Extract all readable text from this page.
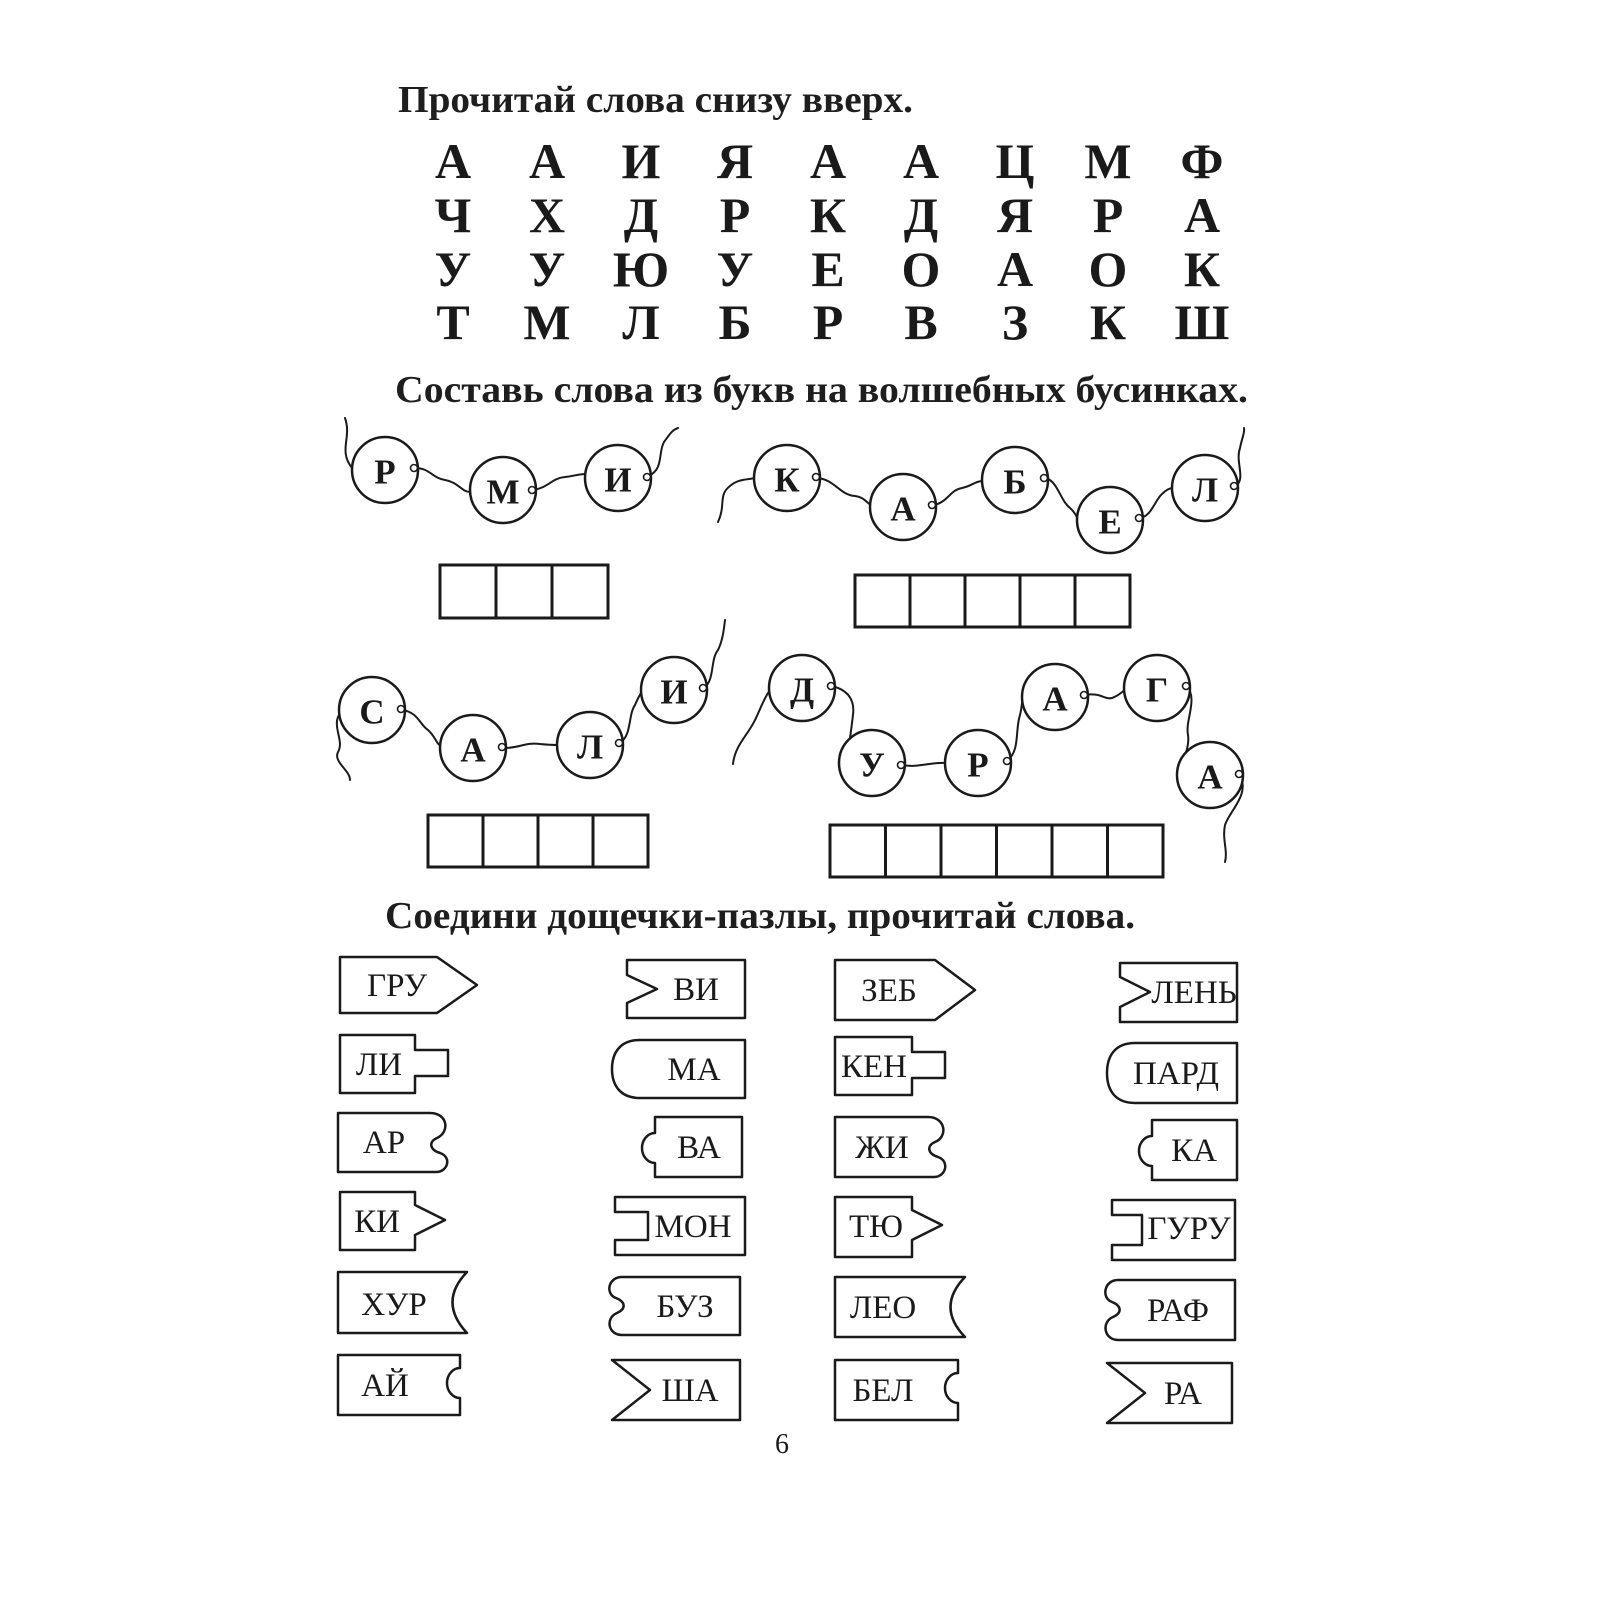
Прочитай слова снизу вверх.
А А И Я А А Ц М Ф
Ч Х Д Р К Д Я Р А
У У Ю У Е О А О К
Т М Л Б Р В З К Ш
Составь слова из букв на волшебных бусинках.
Р
М И	К
А
Б
Е
Л
С
А	Л
И	Д
У Р
А Г
А
Соедини дощечки-пазлы, прочитай слова.
ГРУ
ЛИ
АР
КИ
ХУР
АЙ
ВИ
МА
ВА
МОН
БУЗ
ША
ЗЕБ
КЕН
ЖИ
ТЮ
ЛЕО
БЕЛ
ЛЕНЬ
ПАРД
КА
ГУРУ
РАФ
РА
6
